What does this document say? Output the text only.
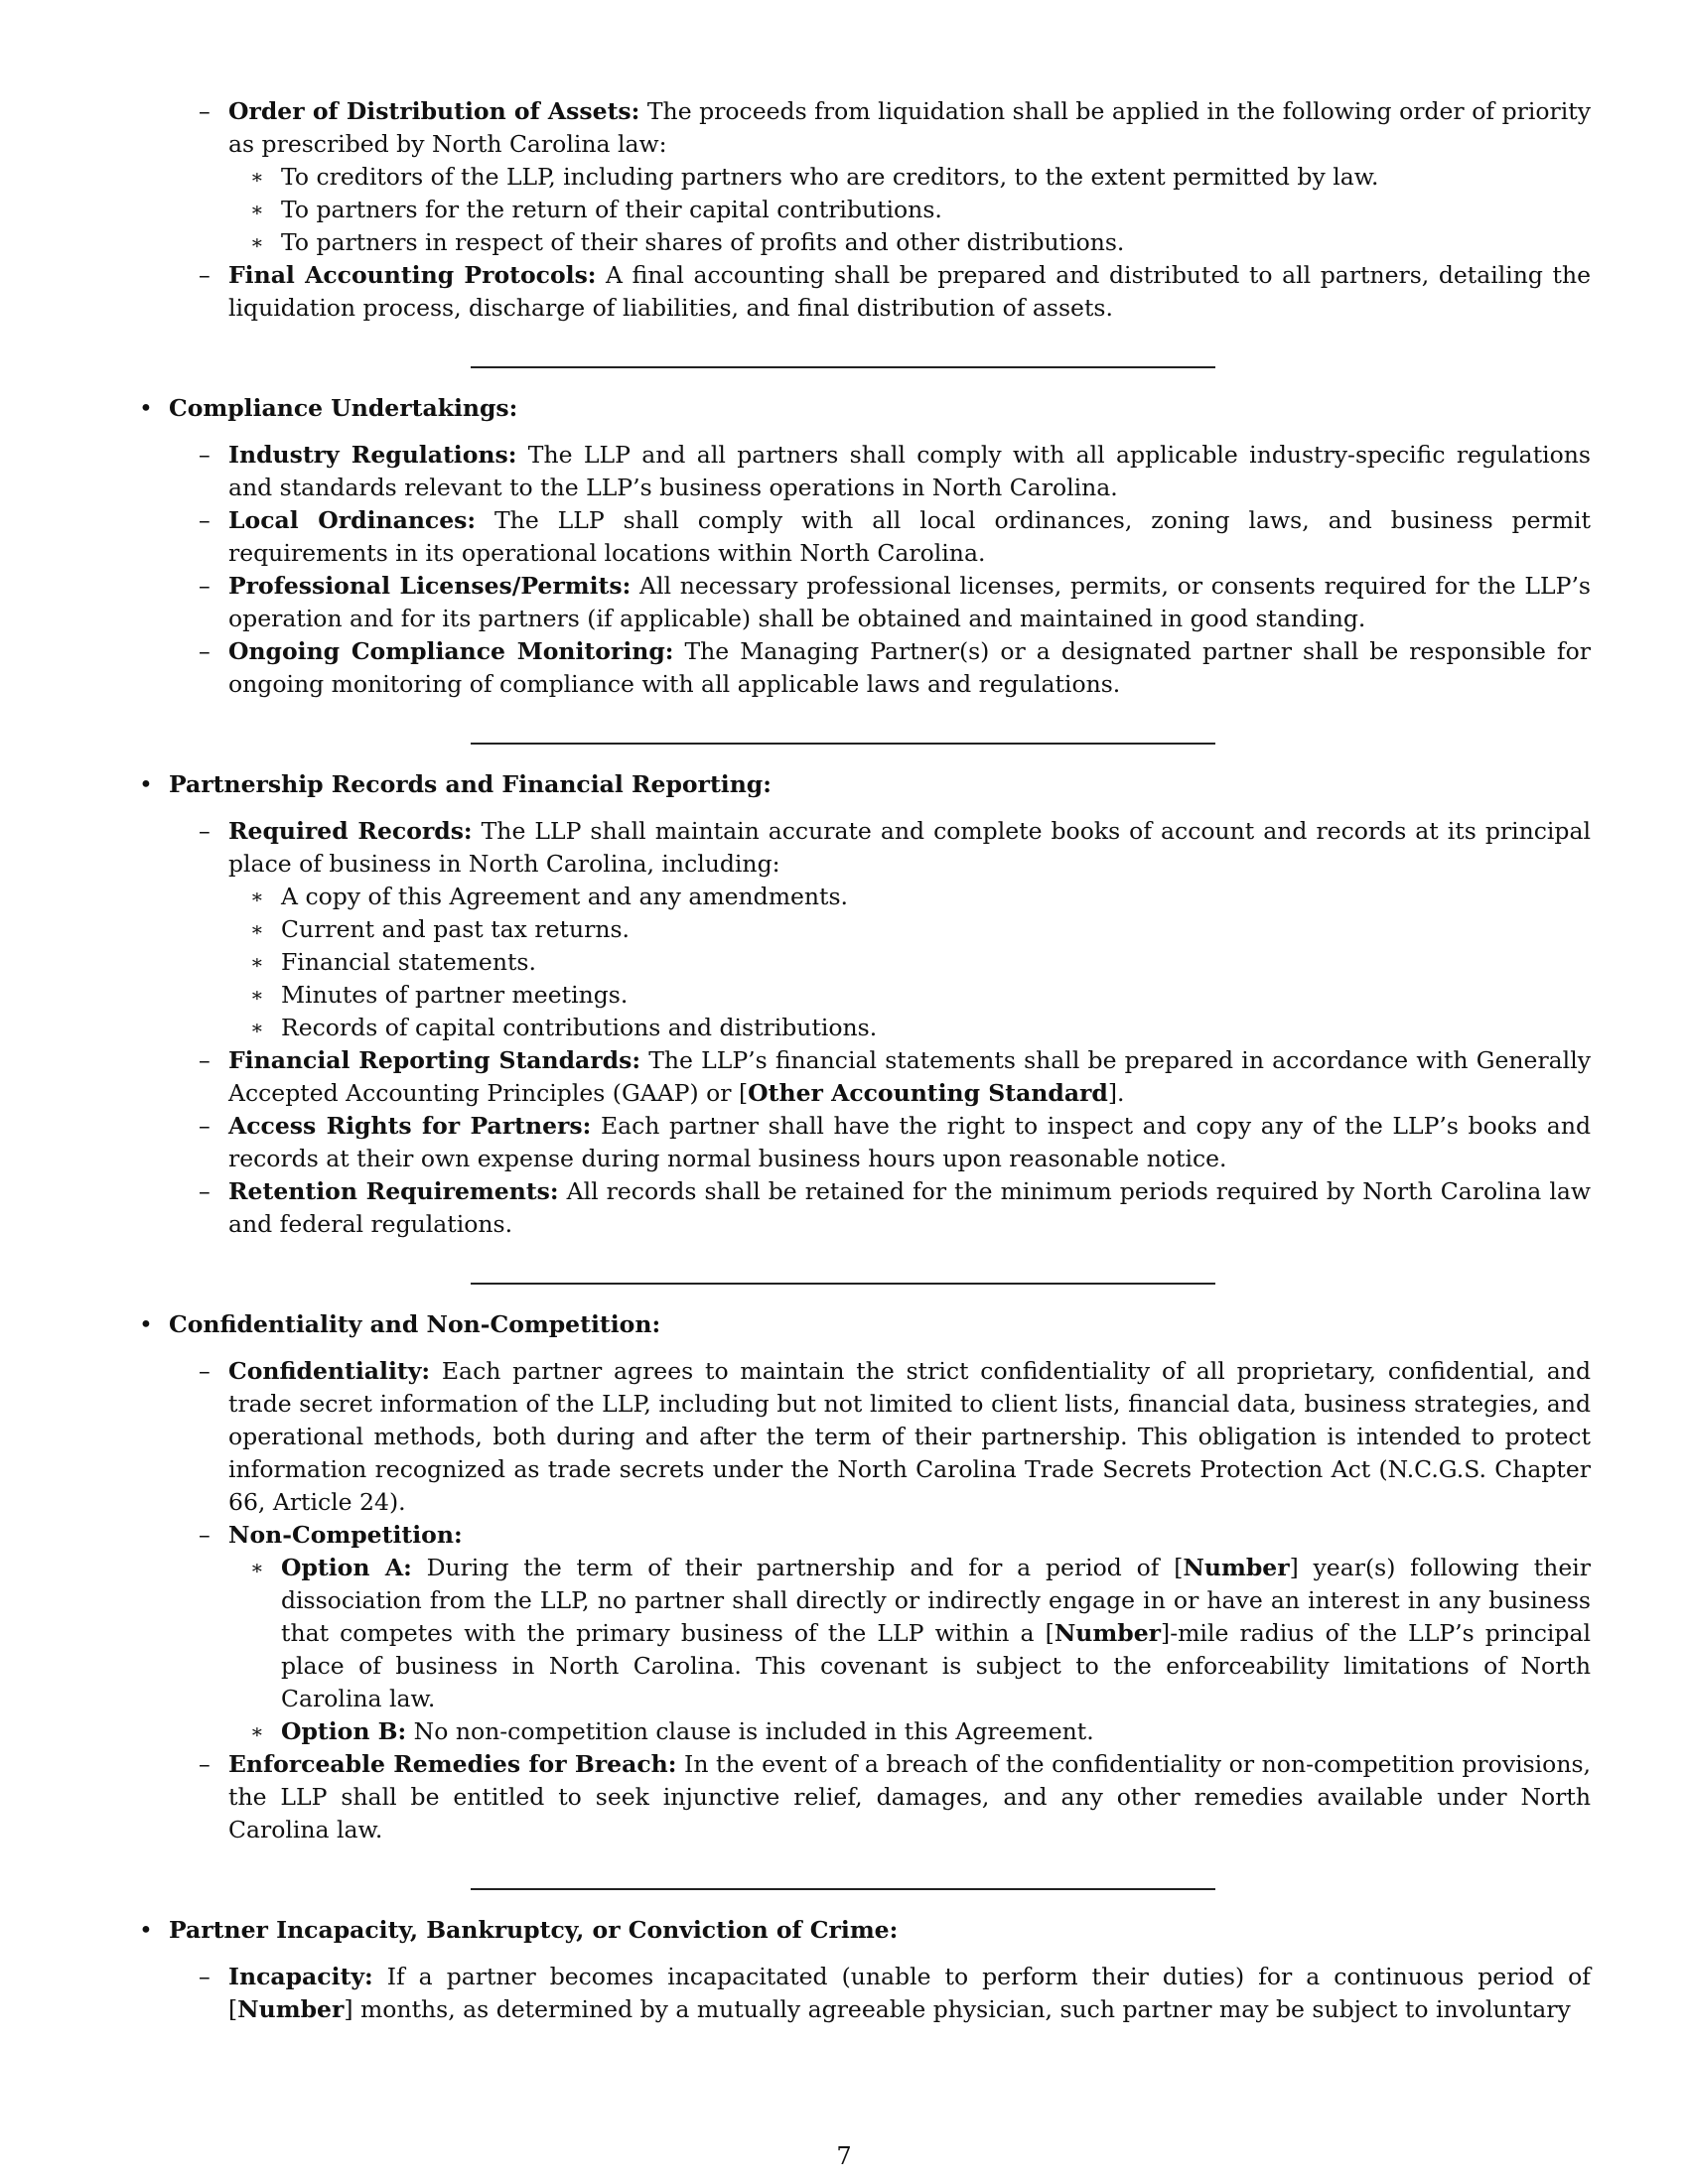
– Order of Distribution of Assets: The proceeds from liquidation shall be applied in the following order of priority as prescribed by North Carolina law:
∗ To creditors of the LLP, including partners who are creditors, to the extent permitted by law.
∗ To partners for the return of their capital contributions.
∗ To partners in respect of their shares of profits and other distributions.
– Final Accounting Protocols: A final accounting shall be prepared and distributed to all partners, detailing the liquidation process, discharge of liabilities, and final distribution of assets.
• Compliance Undertakings:
– Industry Regulations: The LLP and all partners shall comply with all applicable industry-specific regulations and standards relevant to the LLP’s business operations in North Carolina.
– Local Ordinances: The LLP shall comply with all local ordinances, zoning laws, and business permit requirements in its operational locations within North Carolina.
– Professional Licenses/Permits: All necessary professional licenses, permits, or consents required for the LLP’s operation and for its partners (if applicable) shall be obtained and maintained in good standing.
– Ongoing Compliance Monitoring: The Managing Partner(s) or a designated partner shall be responsible for ongoing monitoring of compliance with all applicable laws and regulations.
• Partnership Records and Financial Reporting:
– Required Records: The LLP shall maintain accurate and complete books of account and records at its principal place of business in North Carolina, including:
∗ A copy of this Agreement and any amendments.
∗ Current and past tax returns.
∗ Financial statements.
∗ Minutes of partner meetings.
∗ Records of capital contributions and distributions.
– Financial Reporting Standards: The LLP’s financial statements shall be prepared in accordance with Generally Accepted Accounting Principles (GAAP) or [Other Accounting Standard].
– Access Rights for Partners: Each partner shall have the right to inspect and copy any of the LLP’s books and records at their own expense during normal business hours upon reasonable notice.
– Retention Requirements: All records shall be retained for the minimum periods required by North Carolina law and federal regulations.
• Confidentiality and Non-Competition:
– Confidentiality: Each partner agrees to maintain the strict confidentiality of all proprietary, confidential, and trade secret information of the LLP, including but not limited to client lists, financial data, business strategies, and operational methods, both during and after the term of their partnership. This obligation is intended to protect information recognized as trade secrets under the North Carolina Trade Secrets Protection Act (N.C.G.S. Chapter 66, Article 24).
– Non-Competition:
∗ Option A: During the term of their partnership and for a period of [Number] year(s) following their dissociation from the LLP, no partner shall directly or indirectly engage in or have an interest in any business that competes with the primary business of the LLP within a [Number]-mile radius of the LLP’s principal place of business in North Carolina. This covenant is subject to the enforceability limitations of North Carolina law.
∗ Option B: No non-competition clause is included in this Agreement.
– Enforceable Remedies for Breach: In the event of a breach of the confidentiality or non-competition provisions, the LLP shall be entitled to seek injunctive relief, damages, and any other remedies available under North Carolina law.
• Partner Incapacity, Bankruptcy, or Conviction of Crime:
– Incapacity: If a partner becomes incapacitated (unable to perform their duties) for a continuous period of [Number] months, as determined by a mutually agreeable physician, such partner may be subject to involuntary
7
